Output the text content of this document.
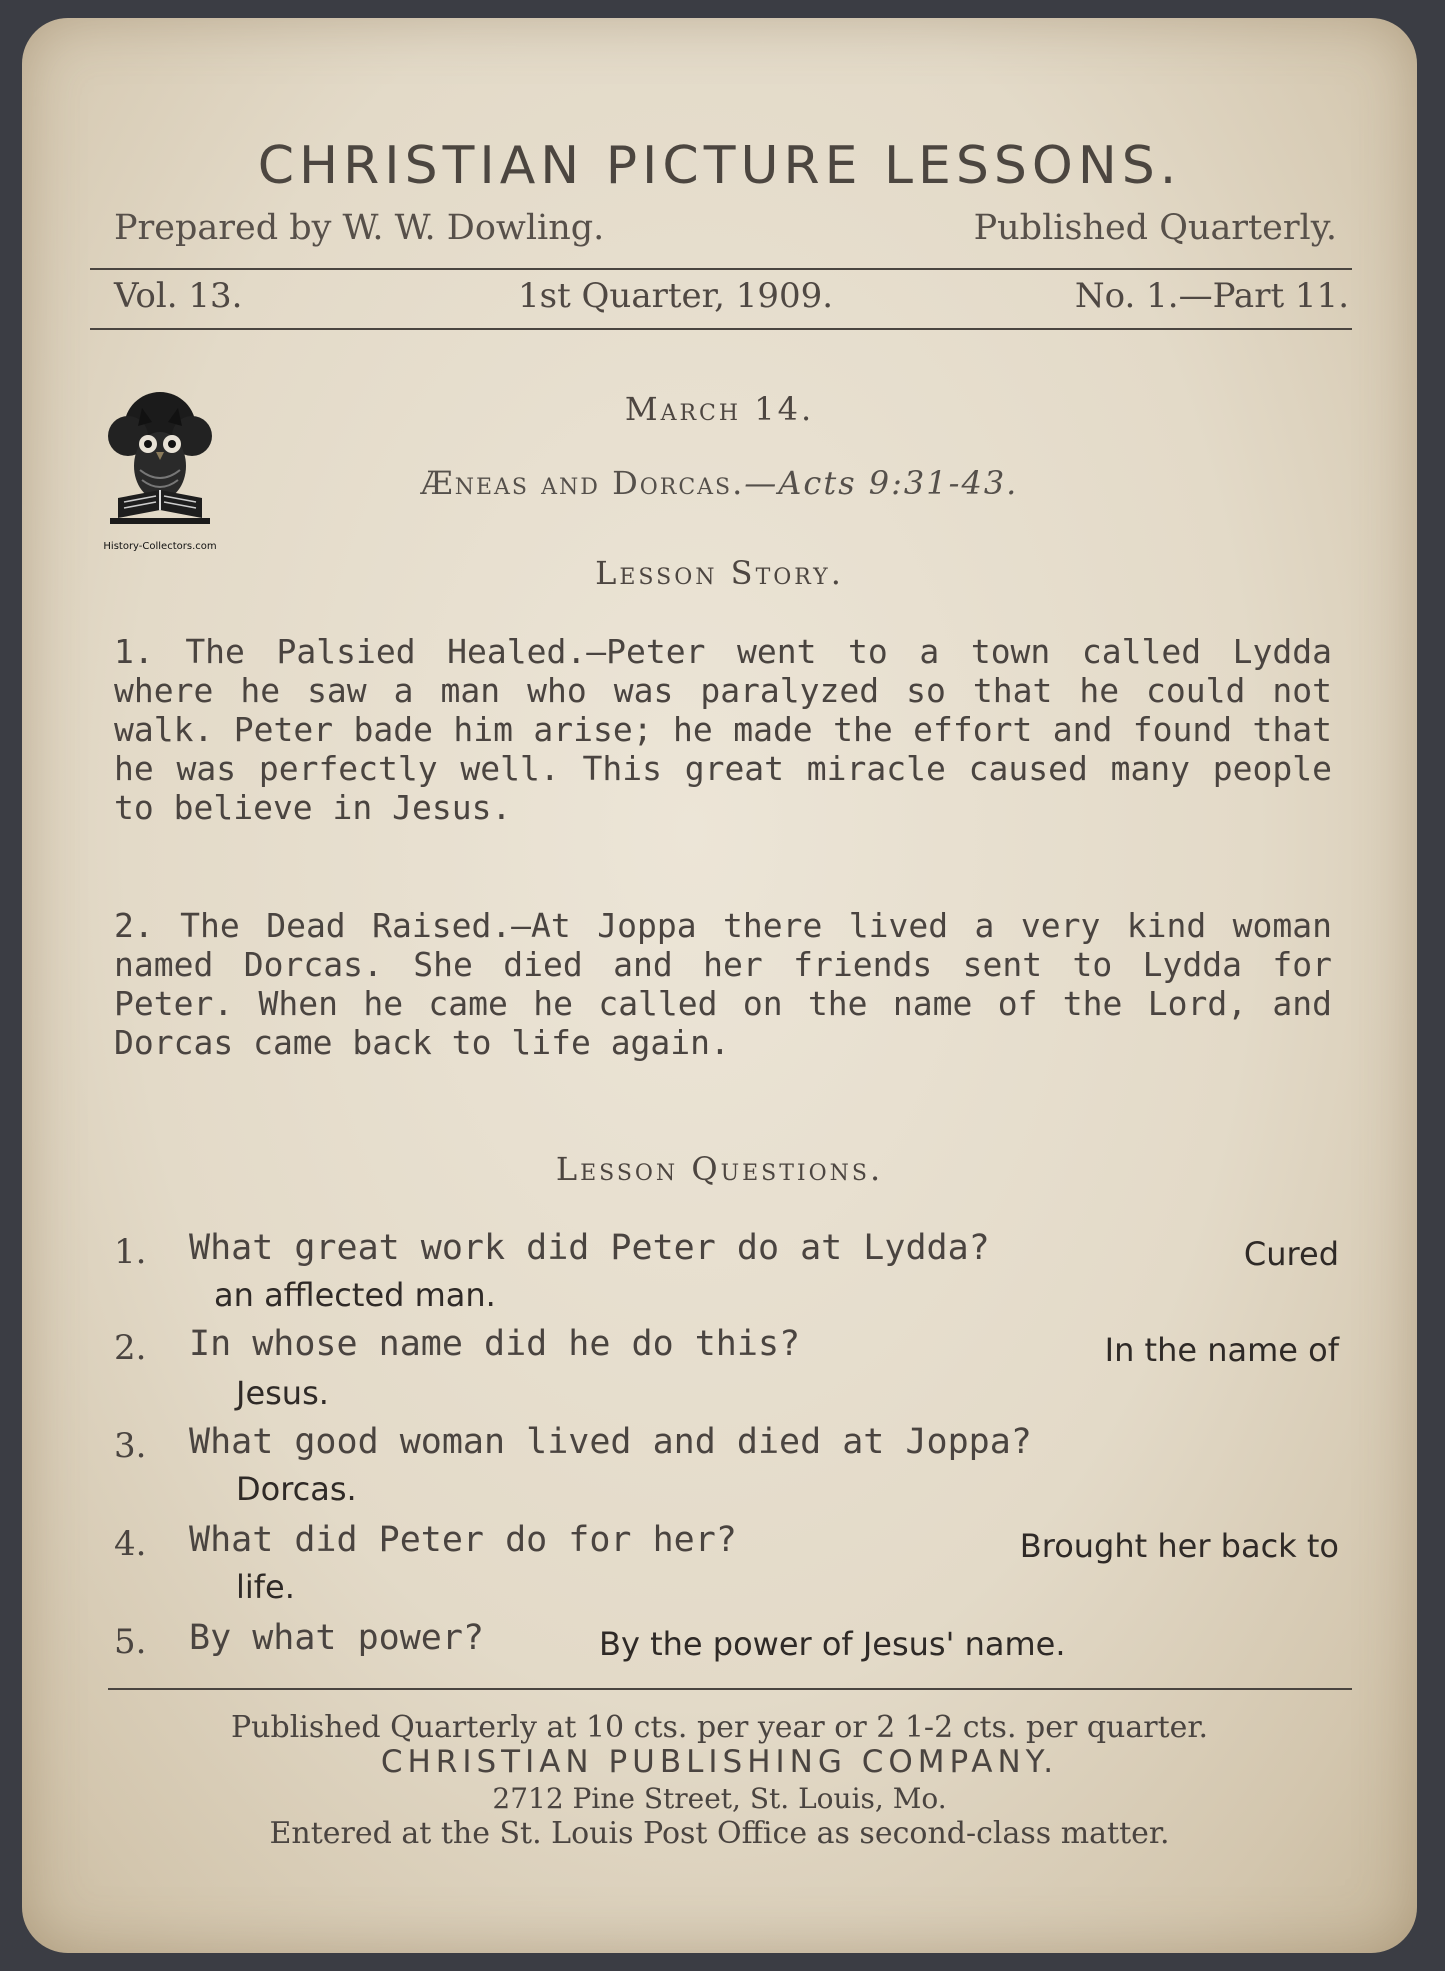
CHRISTIAN PICTURE LESSONS.
Prepared by W. W. Dowling.	Published Quarterly.
Vol. 13.	1st Quarter, 1909.	No. 1.—Part 11.
History-Collectors.com
March 14.
Æneas and Dorcas.—Acts 9:31-43.
Lesson Story.
1. The Palsied Healed.—Peter went to a town called Lydda where he saw a man who was paralyzed so that he could not walk. Peter bade him arise; he made the effort and found that he was perfectly well. This great miracle caused many people to believe in Jesus.
2. The Dead Raised.—At Joppa there lived a very kind woman named Dorcas. She died and her friends sent to Lydda for Peter. When he came he called on the name of the Lord, and Dorcas came back to life again.
Lesson Questions.
1. What great work did Peter do at Lydda?	Cured
an afflected man.
2. In whose name did he do this?	In the name of
Jesus.
3. What good woman lived and died at Joppa?
Dorcas.
4. What did Peter do for her?	Brought her back to
life.
5. By what power?	By the power of Jesus' name.
Published Quarterly at 10 cts. per year or 2 1-2 cts. per quarter.
CHRISTIAN PUBLISHING COMPANY.
2712 Pine Street, St. Louis, Mo.
Entered at the St. Louis Post Office as second-class matter.
